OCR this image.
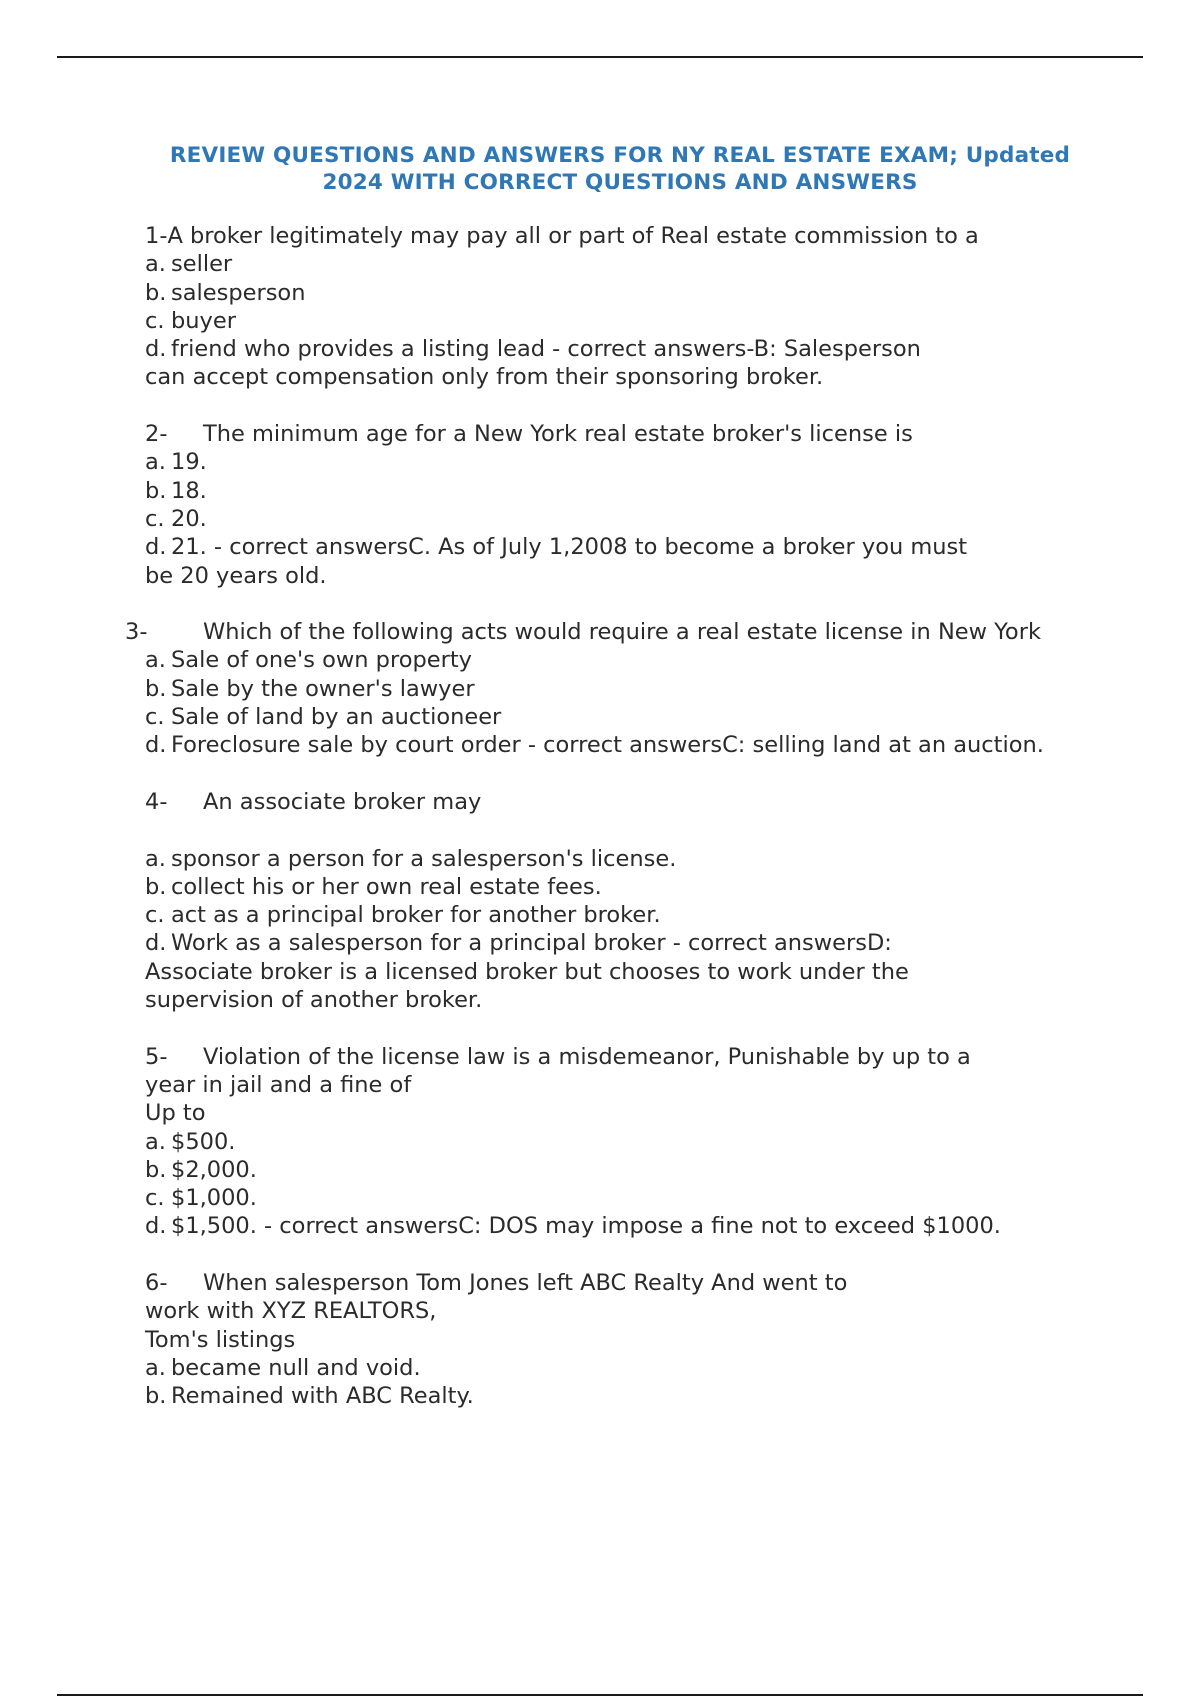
REVIEW QUESTIONS AND ANSWERS FOR NY REAL ESTATE EXAM; Updated 2024 WITH CORRECT QUESTIONS AND ANSWERS

1-A broker legitimately may pay all or part of Real estate commission to a

a. seller

b. salesperson

c. buyer

d. friend who provides a listing lead - correct answers-B: Salesperson

can accept compensation only from their sponsoring broker.

2- The minimum age for a New York real estate broker's license is

a. 19.

b. 18.

c. 20.

d. 21. - correct answersC. As of July 1,2008 to become a broker you must

be 20 years old.

3- Which of the following acts would require a real estate license in New York

a. Sale of one's own property

b. Sale by the owner's lawyer

c. Sale of land by an auctioneer

d. Foreclosure sale by court order - correct answersC: selling land at an auction.

4- An associate broker may

a. sponsor a person for a salesperson's license.

b. collect his or her own real estate fees.

c. act as a principal broker for another broker.

d. Work as a salesperson for a principal broker - correct answersD:

Associate broker is a licensed broker but chooses to work under the supervision of another broker.

5- Violation of the license law is a misdemeanor, Punishable by up to a year in jail and a fine of

Up to

a. $500.

b. $2,000.

c. $1,000.

d. $1,500. - correct answersC: DOS may impose a fine not to exceed $1000.

6- When salesperson Tom Jones left ABC Realty And went to

work with XYZ REALTORS,

Tom's listings

a. became null and void.

b. Remained with ABC Realty.
